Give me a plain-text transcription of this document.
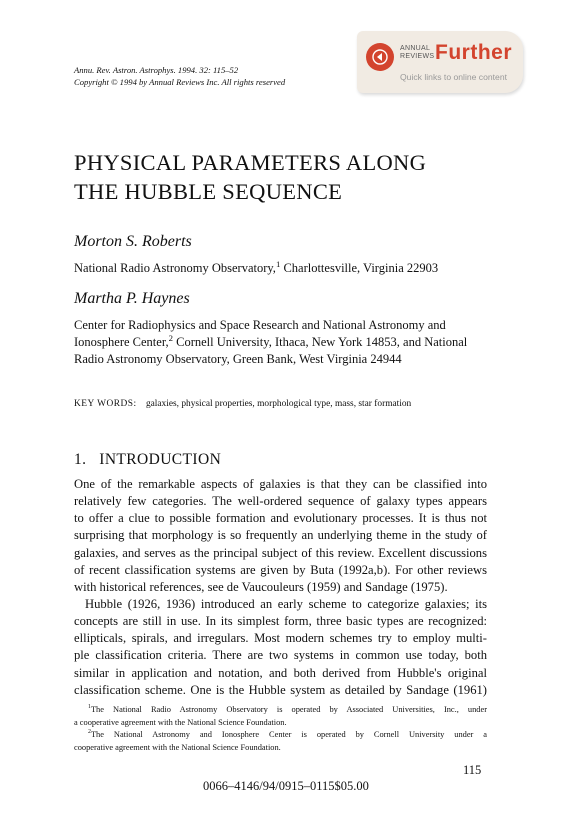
Annu. Rev. Astron. Astrophys. 1994. 32: 115–52
Copyright © 1994 by Annual Reviews Inc. All rights reserved
ANNUAL
REVIEWS Further
Quick links to online content
PHYSICAL PARAMETERS ALONG
THE HUBBLE SEQUENCE
Morton S. Roberts
National Radio Astronomy Observatory,$^1$ Charlottesville, Virginia 22903
Martha P. Haynes
Center for Radiophysics and Space Research and National Astronomy and
Ionosphere Center,$^2$ Cornell University, Ithaca, New York 14853, and National
Radio Astronomy Observatory, Green Bank, West Virginia 24944
KEY WORDS: galaxies, physical properties, morphological type, mass, star formation
1. INTRODUCTION
One of the remarkable aspects of galaxies is that they can be classified into
relatively few categories. The well-ordered sequence of galaxy types appears
to offer a clue to possible formation and evolutionary processes. It is thus not
surprising that morphology is so frequently an underlying theme in the study of
galaxies, and serves as the principal subject of this review. Excellent discussions
of recent classification systems are given by Buta (1992a,b). For other reviews
with historical references, see de Vaucouleurs (1959) and Sandage (1975).
Hubble (1926, 1936) introduced an early scheme to categorize galaxies; its
concepts are still in use. In its simplest form, three basic types are recognized:
ellipticals, spirals, and irregulars. Most modern schemes try to employ multi-
ple classification criteria. There are two systems in common use today, both
similar in application and notation, and both derived from Hubble's original
classification scheme. One is the Hubble system as detailed by Sandage (1961)
$^1$The National Radio Astronomy Observatory is operated by Associated Universities, Inc., under
a cooperative agreement with the National Science Foundation.
$^2$The National Astronomy and Ionosphere Center is operated by Cornell University under a
cooperative agreement with the National Science Foundation.
115
0066–4146/94/0915–0115$05.00
